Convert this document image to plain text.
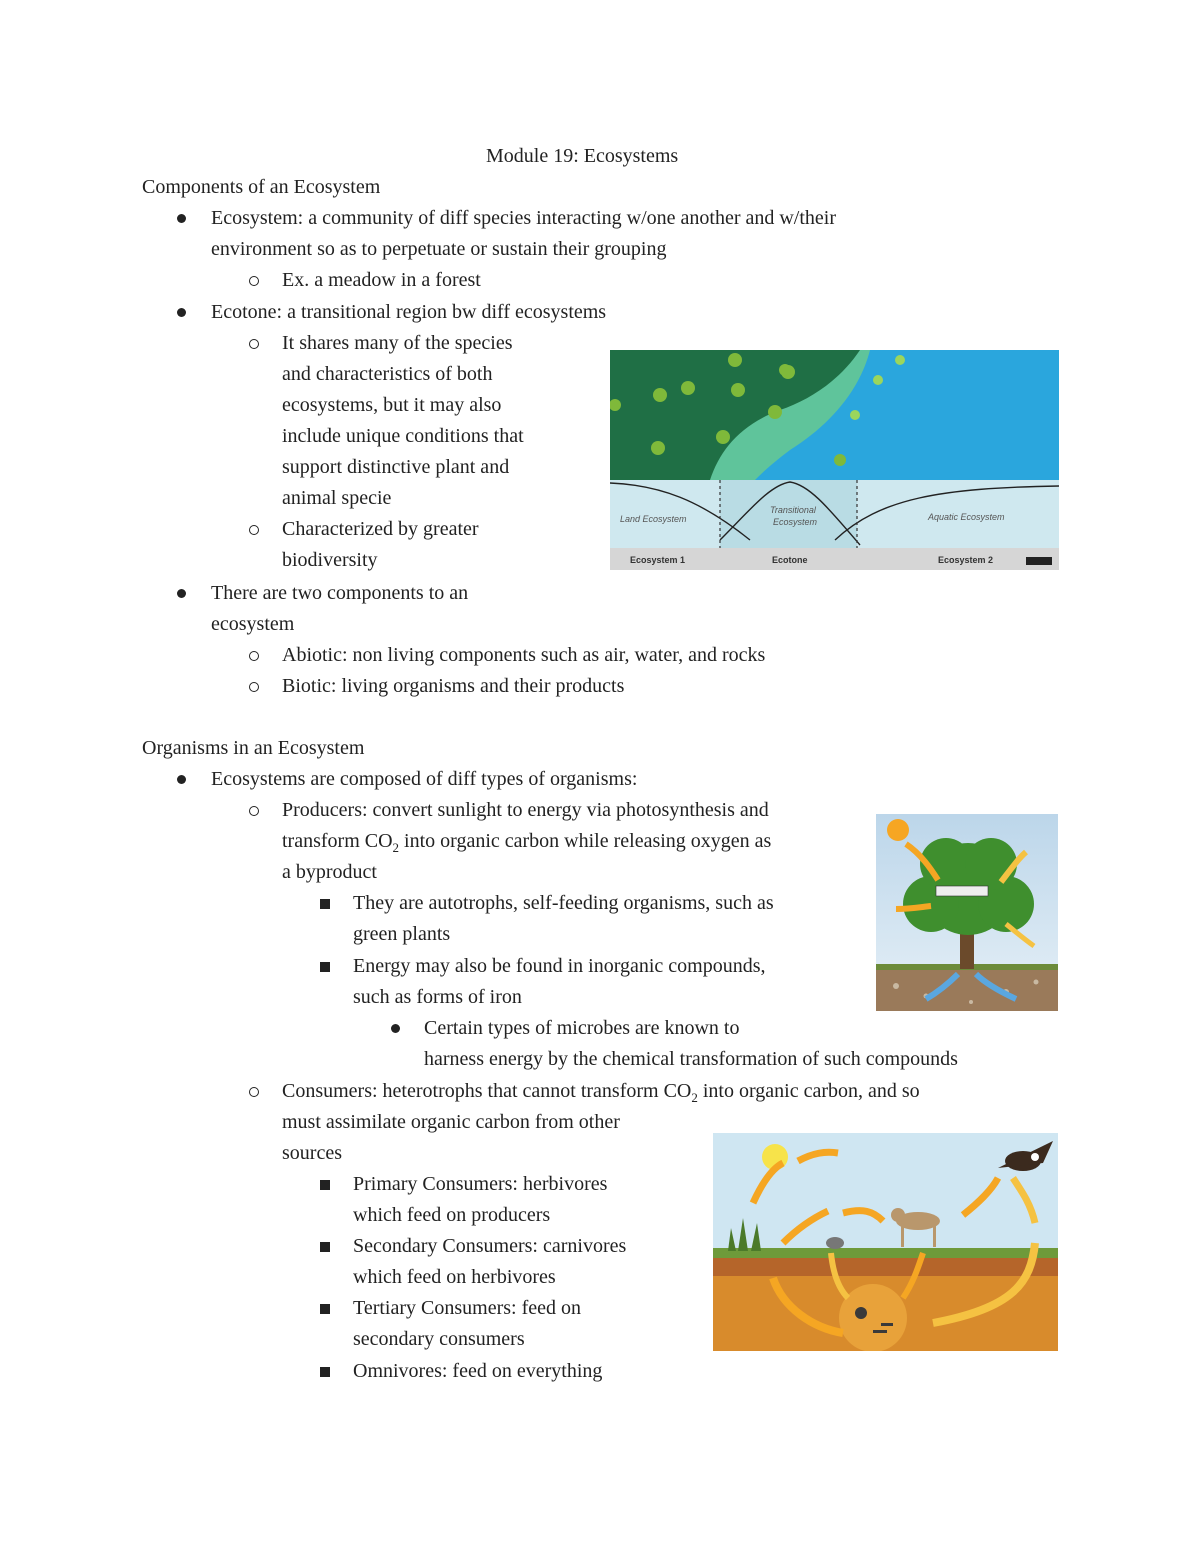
Module 19: Ecosystems
Components of an Ecosystem
Ecosystem: a community of diff species interacting w/one another and w/their
environment so as to perpetuate or sustain their grouping
Ex. a meadow in a forest
Ecotone: a transitional region bw diff ecosystems
It shares many of the species
and characteristics of both
ecosystems, but it may also
include unique conditions that
support distinctive plant and
animal specie
Characterized by greater
biodiversity
There are two components to an
ecosystem
Abiotic: non living components such as air, water, and rocks
Biotic: living organisms and their products
Land Ecosystem
Transitional
Ecosystem	Aquatic Ecosystem
Ecosystem 1	Ecotone	Ecosystem 2
Organisms in an Ecosystem
Ecosystems are composed of diff types of organisms:
Producers: convert sunlight to energy via photosynthesis and
transform $CO_2$ into organic carbon while releasing oxygen as
a byproduct
They are autotrophs, self-feeding organisms, such as
green plants
Energy may also be found in inorganic compounds,
such as forms of iron
Certain types of microbes are known to
harness energy by the chemical transformation of such compounds
Consumers: heterotrophs that cannot transform $CO_2$ into organic carbon, and so
must assimilate organic carbon from other
sources
Primary Consumers: herbivores
which feed on producers
Secondary Consumers: carnivores
which feed on herbivores
Tertiary Consumers: feed on
secondary consumers
Omnivores: feed on everything
